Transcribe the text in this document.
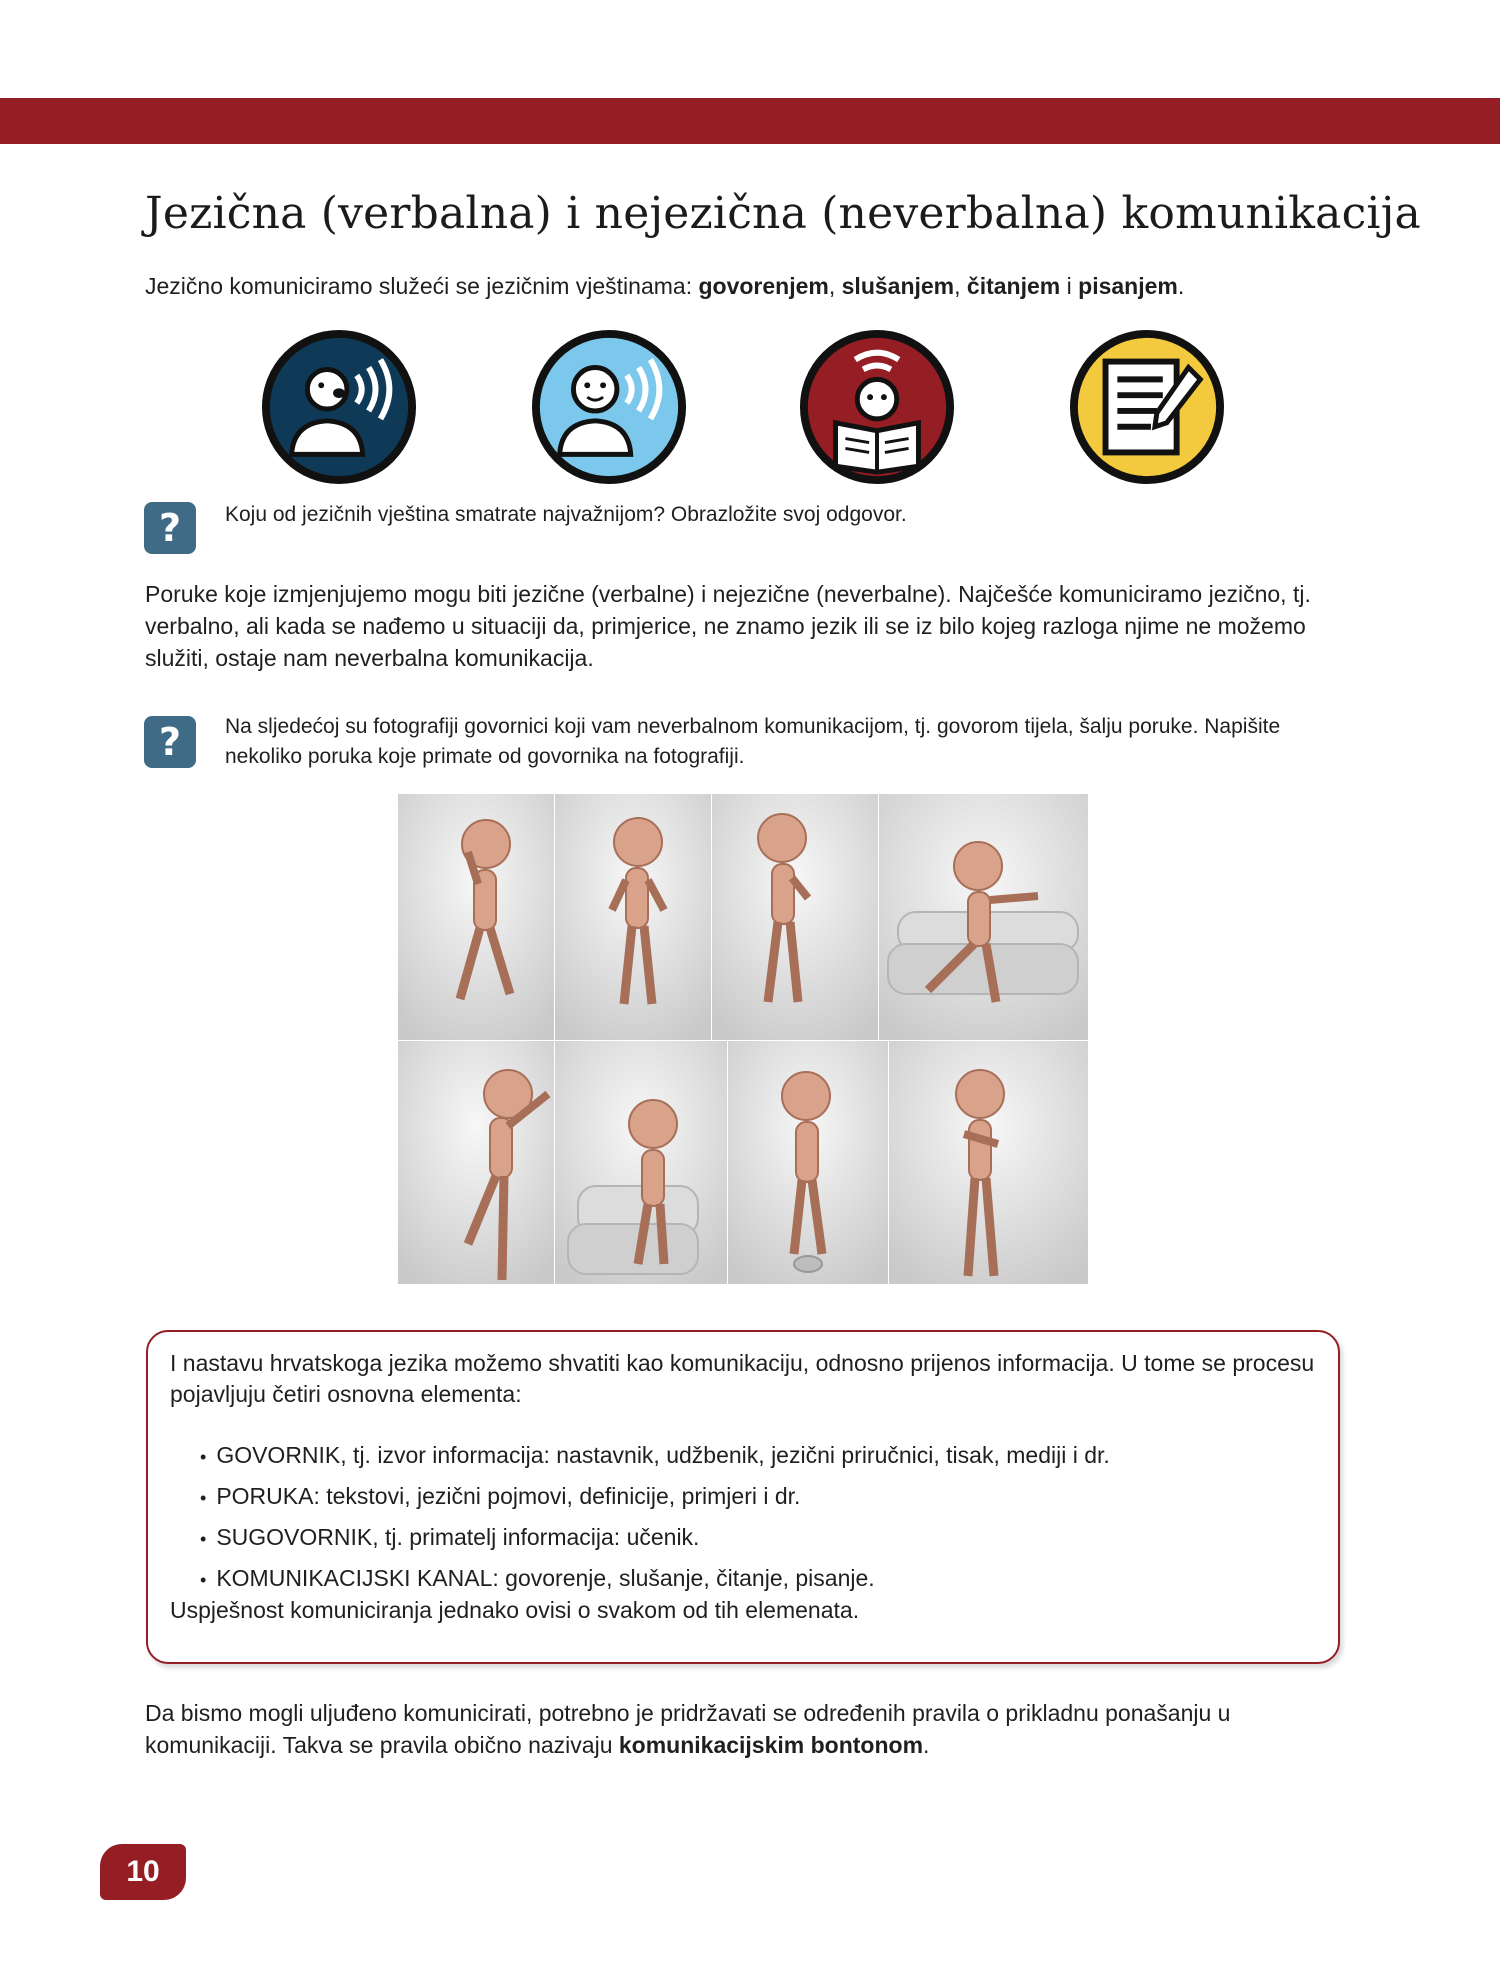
Jezična (verbalna) i nejezična (neverbalna) komunikacija

Jezično komuniciramo služeći se jezičnim vještinama: govorenjem, slušanjem, čitanjem i pisanjem.

?	Koju od jezičnih vještina smatrate najvažnijom? Obrazložite svoj odgovor.

Poruke koje izmjenjujemo mogu biti jezične (verbalne) i nejezične (neverbalne). Najčešće komuniciramo jezično, tj. verbalno, ali kada se nađemo u situaciji da, primjerice, ne znamo jezik ili se iz bilo kojeg razloga njime ne možemo služiti, ostaje nam neverbalna komunikacija.

?	Na sljedećoj su fotografiji govornici koji vam neverbalnom komunikacijom, tj. govorom tijela, šalju poruke. Napišite nekoliko poruka koje primate od govornika na fotografiji.

I nastavu hrvatskoga jezika možemo shvatiti kao komunikaciju, odnosno prijenos informacija. U tome se procesu pojavljuju četiri osnovna elementa:

• GOVORNIK, tj. izvor informacija: nastavnik, udžbenik, jezični priručnici, tisak, mediji i dr.
• PORUKA: tekstovi, jezični pojmovi, definicije, primjeri i dr.
• SUGOVORNIK, tj. primatelj informacija: učenik.
• KOMUNIKACIJSKI KANAL: govorenje, slušanje, čitanje, pisanje.

Uspješnost komuniciranja jednako ovisi o svakom od tih elemenata.

Da bismo mogli uljuđeno komunicirati, potrebno je pridržavati se određenih pravila o prikladnu ponašanju u komunikaciji. Takva se pravila obično nazivaju komunikacijskim bontonom.

10
